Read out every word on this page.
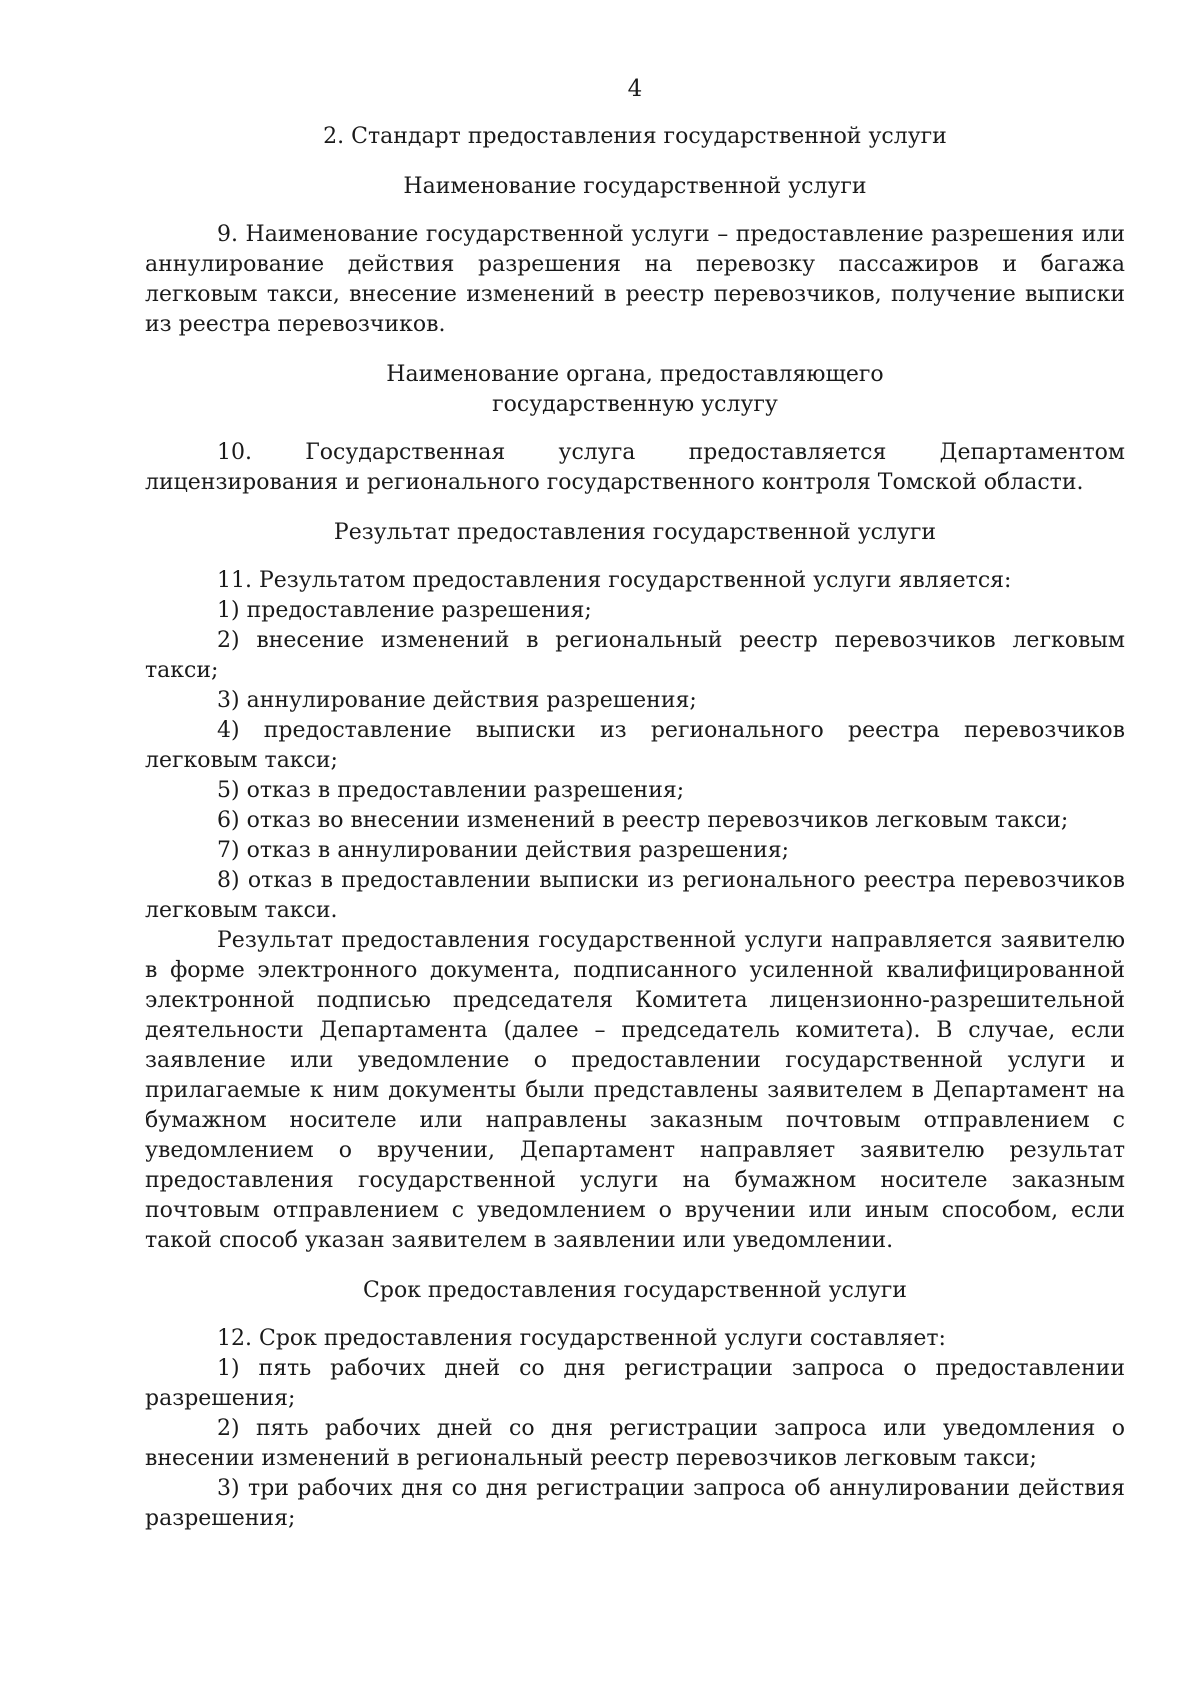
4
2. Стандарт предоставления государственной услуги
Наименование государственной услуги

9. Наименование государственной услуги – предоставление разрешения или аннулирование действия разрешения на перевозку пассажиров и багажа легковым такси, внесение изменений в реестр перевозчиков, получение выписки из реестра перевозчиков.

Наименование органа, предоставляющего
государственную услугу

10. Государственная услуга предоставляется Департаментом лицензирования и регионального государственного контроля Томской области.

Результат предоставления государственной услуги

11. Результатом предоставления государственной услуги является:

1) предоставление разрешения;

2) внесение изменений в региональный реестр перевозчиков легковым такси;

3) аннулирование действия разрешения;

4) предоставление выписки из регионального реестра перевозчиков легковым такси;

5) отказ в предоставлении разрешения;

6) отказ во внесении изменений в реестр перевозчиков легковым такси;

7) отказ в аннулировании действия разрешения;

8) отказ в предоставлении выписки из регионального реестра перевозчиков легковым такси.

Результат предоставления государственной услуги направляется заявителю в форме электронного документа, подписанного усиленной квалифицированной электронной подписью председателя Комитета лицензионно-разрешительной деятельности Департамента (далее – председатель комитета). В случае, если заявление или уведомление о предоставлении государственной услуги и прилагаемые к ним документы были представлены заявителем в Департамент на бумажном носителе или направлены заказным почтовым отправлением с уведомлением о вручении, Департамент направляет заявителю результат предоставления государственной услуги на бумажном носителе заказным почтовым отправлением с уведомлением о вручении или иным способом, если такой способ указан заявителем в заявлении или уведомлении.

Срок предоставления государственной услуги

12. Срок предоставления государственной услуги составляет:

1) пять рабочих дней со дня регистрации запроса о предоставлении разрешения;

2) пять рабочих дней со дня регистрации запроса или уведомления о внесении изменений в региональный реестр перевозчиков легковым такси;

3) три рабочих дня со дня регистрации запроса об аннулировании действия разрешения;
